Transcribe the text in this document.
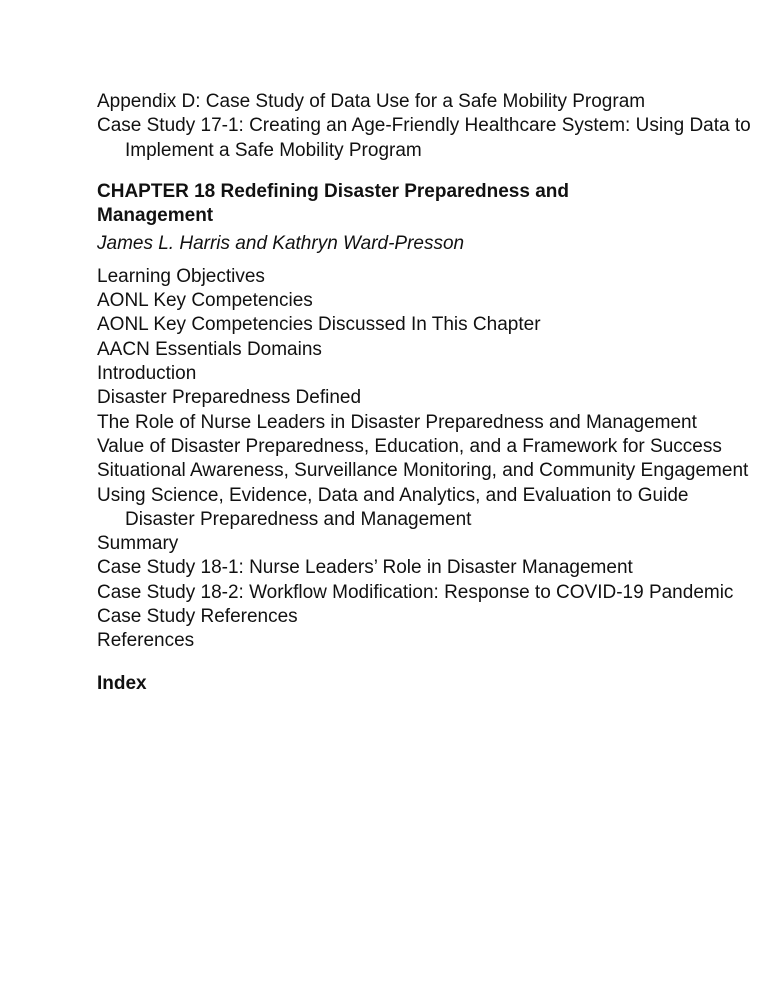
Appendix D: Case Study of Data Use for a Safe Mobility Program

Case Study 17-1: Creating an Age-Friendly Healthcare System: Using Data to Implement a Safe Mobility Program

CHAPTER 18 Redefining Disaster Preparedness and Management

James L. Harris and Kathryn Ward-Presson

Learning Objectives

AONL Key Competencies

AONL Key Competencies Discussed In This Chapter

AACN Essentials Domains

Introduction

Disaster Preparedness Defined

The Role of Nurse Leaders in Disaster Preparedness and Management

Value of Disaster Preparedness, Education, and a Framework for Success

Situational Awareness, Surveillance Monitoring, and Community Engagement

Using Science, Evidence, Data and Analytics, and Evaluation to Guide Disaster Preparedness and Management

Summary

Case Study 18-1: Nurse Leaders’ Role in Disaster Management

Case Study 18-2: Workflow Modification: Response to COVID-19 Pandemic

Case Study References

References

Index
